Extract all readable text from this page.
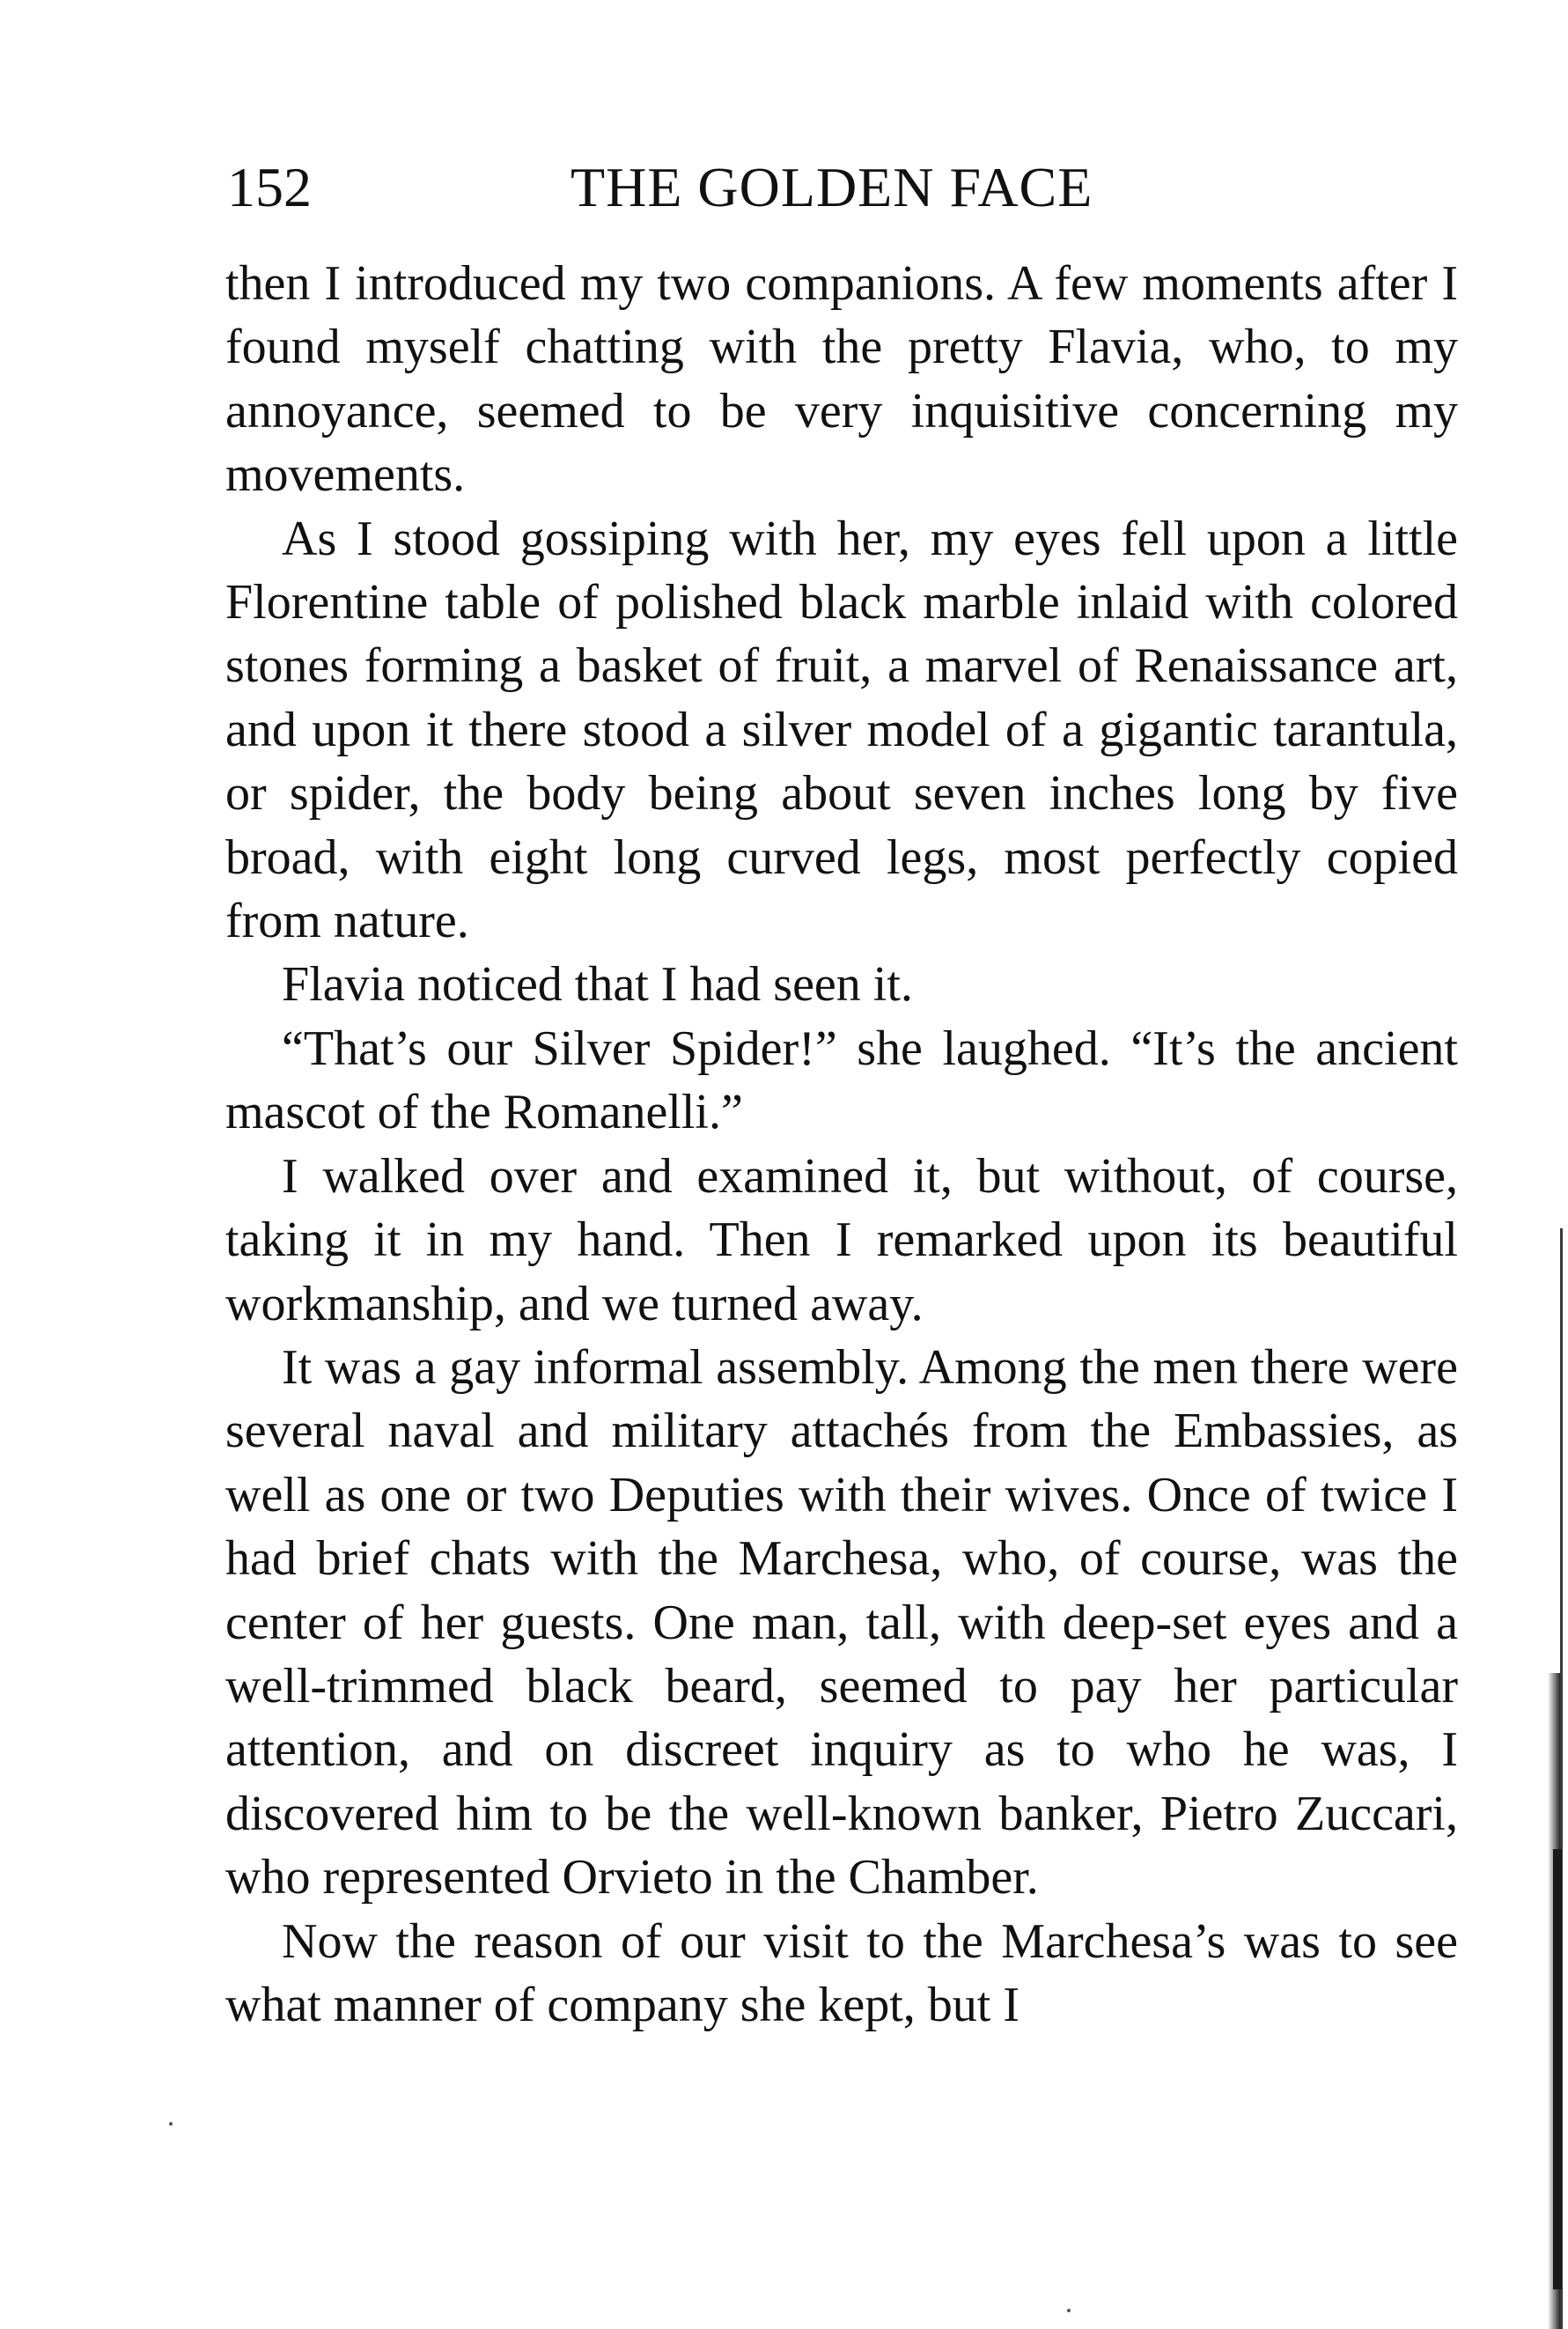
152	THE GOLDEN FACE

then I introduced my two companions. A few moments after I found myself chatting with the pretty Flavia, who, to my annoyance, seemed to be very inquisitive concerning my movements.

As I stood gossiping with her, my eyes fell upon a little Florentine table of polished black marble inlaid with colored stones forming a basket of fruit, a marvel of Renaissance art, and upon it there stood a silver model of a gigantic tarantula, or spider, the body being about seven inches long by five broad, with eight long curved legs, most perfectly copied from nature.

Flavia noticed that I had seen it.

“That’s our Silver Spider!” she laughed. “It’s the ancient mascot of the Romanelli.”

I walked over and examined it, but without, of course, taking it in my hand. Then I remarked upon its beautiful workmanship, and we turned away.

It was a gay informal assembly. Among the men there were several naval and military attachés from the Embassies, as well as one or two Deputies with their wives. Once of twice I had brief chats with the Marchesa, who, of course, was the center of her guests. One man, tall, with deep-set eyes and a well-trimmed black beard, seemed to pay her particular attention, and on discreet inquiry as to who he was, I discovered him to be the well-known banker, Pietro Zuccari, who represented Orvieto in the Chamber.

Now the reason of our visit to the Marchesa’s was to see what manner of company she kept, but I
